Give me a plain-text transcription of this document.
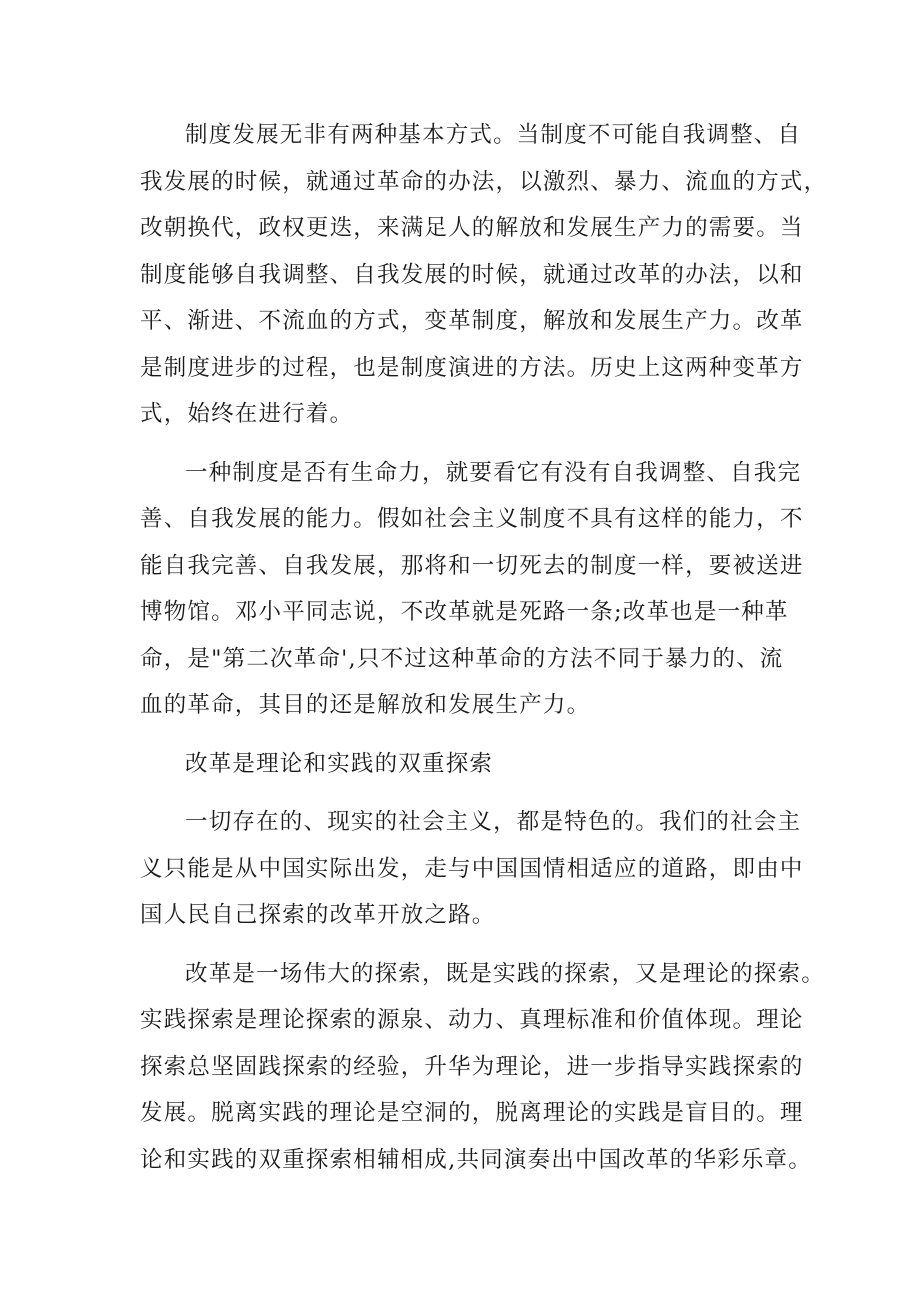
制度发展无非有两种基本方式。当制度不可能自我调整、自
我发展的时候，就通过革命的办法，以激烈、暴力、流血的方式，
改朝换代，政权更迭，来满足人的解放和发展生产力的需要。当
制度能够自我调整、自我发展的时候，就通过改革的办法，以和
平、渐进、不流血的方式，变革制度，解放和发展生产力。改革
是制度进步的过程，也是制度演进的方法。历史上这两种变革方
式，始终在进行着。
一种制度是否有生命力，就要看它有没有自我调整、自我完
善、自我发展的能力。假如社会主义制度不具有这样的能力，不
能自我完善、自我发展，那将和一切死去的制度一样，要被送进
博物馆。邓小平同志说，不改革就是死路一条;改革也是一种革
命，是"第二次革命',只不过这种革命的方法不同于暴力的、流
血的革命，其目的还是解放和发展生产力。
改革是理论和实践的双重探索
一切存在的、现实的社会主义，都是特色的。我们的社会主
义只能是从中国实际出发，走与中国国情相适应的道路，即由中
国人民自己探索的改革开放之路。
改革是一场伟大的探索，既是实践的探索，又是理论的探索。
实践探索是理论探索的源泉、动力、真理标准和价值体现。理论
探索总坚固践探索的经验，升华为理论，进一步指导实践探索的
发展。脱离实践的理论是空洞的，脱离理论的实践是盲目的。理
论和实践的双重探索相辅相成,共同演奏出中国改革的华彩乐章。
